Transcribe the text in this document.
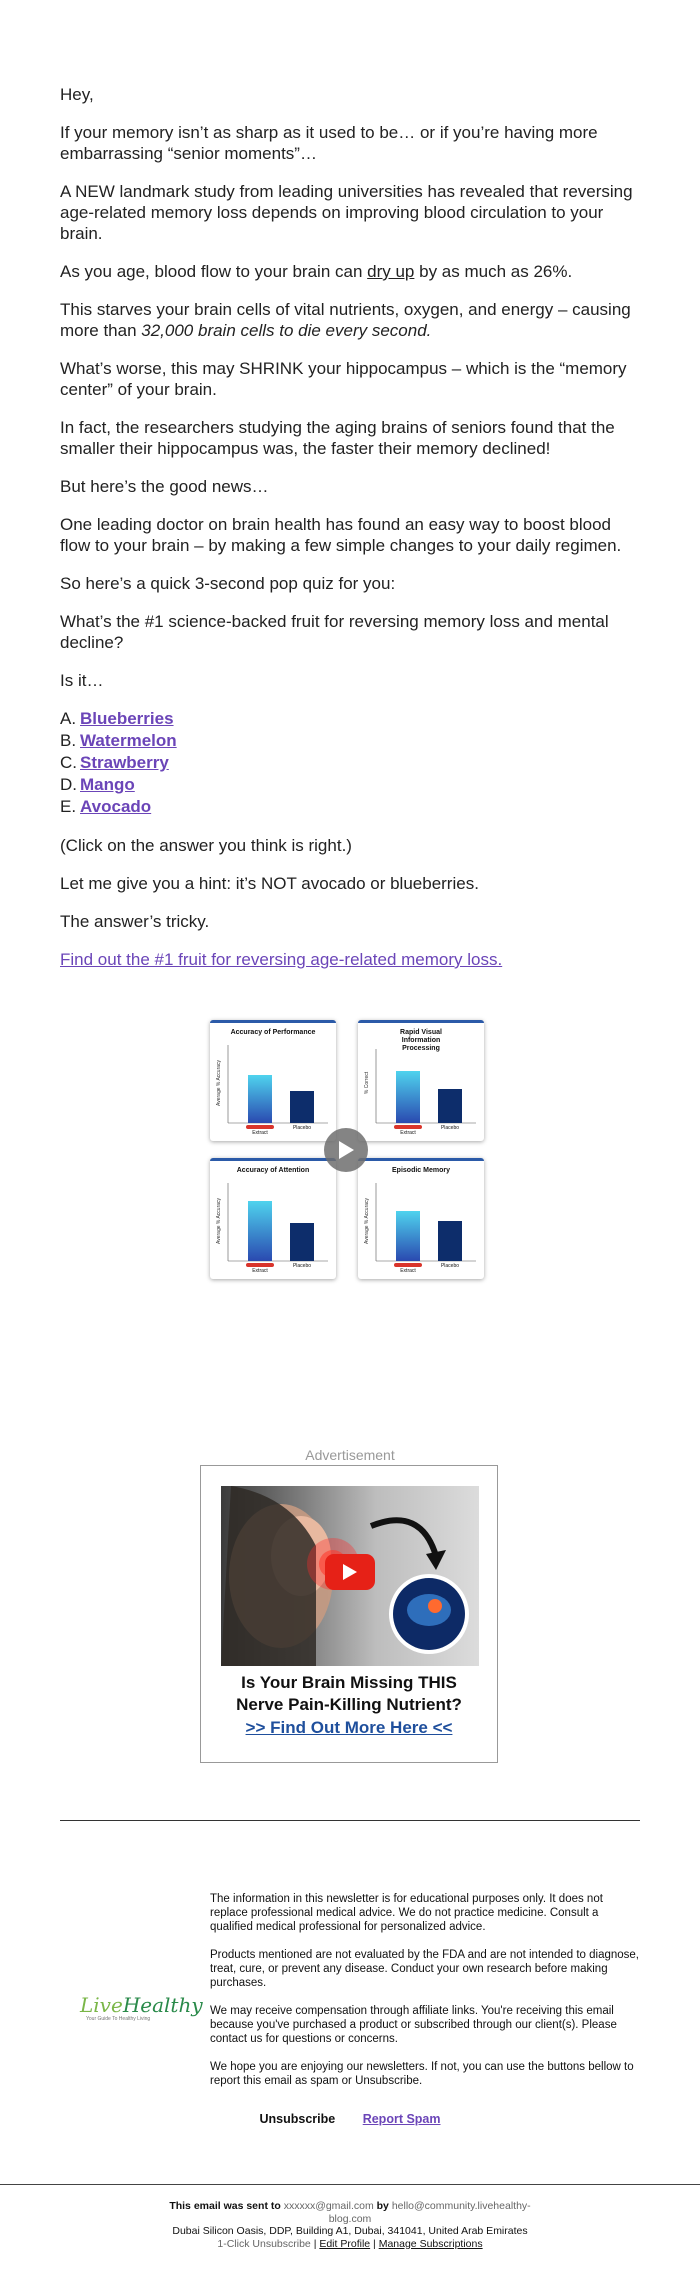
Hey,

If your memory isn’t as sharp as it used to be… or if you’re having more embarrassing “senior moments”…

A NEW landmark study from leading universities has revealed that reversing age-related memory loss depends on improving blood circulation to your brain.

As you age, blood flow to your brain can dry up by as much as 26%.

This starves your brain cells of vital nutrients, oxygen, and energy – causing more than 32,000 brain cells to die every second.

What’s worse, this may SHRINK your hippocampus – which is the “memory center” of your brain.

In fact, the researchers studying the aging brains of seniors found that the smaller their hippocampus was, the faster their memory declined!

But here’s the good news…

One leading doctor on brain health has found an easy way to boost blood flow to your brain – by making a few simple changes to your daily regimen.

So here’s a quick 3-second pop quiz for you:

What’s the #1 science-backed fruit for reversing memory loss and mental decline?

Is it…

A. Blueberries
B. Watermelon
C. Strawberry
D. Mango
E. Avocado

(Click on the answer you think is right.)

Let me give you a hint: it’s NOT avocado or blueberries.

The answer’s tricky.

Find out the #1 fruit for reversing age-related memory loss.

Accuracy of Performance
Average % Accuracy
Extract
Placebo
Rapid Visual Information Processing
% Correct
Extract
Placebo
Accuracy of Attention
Average % Accuracy
Extract
Placebo
Episodic Memory
Average % Accuracy
Extract
Placebo
Advertisement
Is Your Brain Missing THIS
Nerve Pain-Killing Nutrient?
>> Find Out More Here <<
LiveHealthy
Your Guide To Healthy Living

The information in this newsletter is for educational purposes only. It does not replace professional medical advice. We do not practice medicine. Consult a qualified medical professional for personalized advice.

Products mentioned are not evaluated by the FDA and are not intended to diagnose, treat, cure, or prevent any disease. Conduct your own research before making purchases.

We may receive compensation through affiliate links. You're receiving this email because you've purchased a product or subscribed through our client(s). Please contact us for questions or concerns.

We hope you are enjoying our newsletters. If not, you can use the buttons bellow to report this email as spam or Unsubscribe.

Unsubscribe Report Spam
This email was sent to xxxxxx@gmail.com by hello@community.livehealthy-blog.com
Dubai Silicon Oasis, DDP, Building A1, Dubai, 341041, United Arab Emirates
1-Click Unsubscribe | Edit Profile | Manage Subscriptions
